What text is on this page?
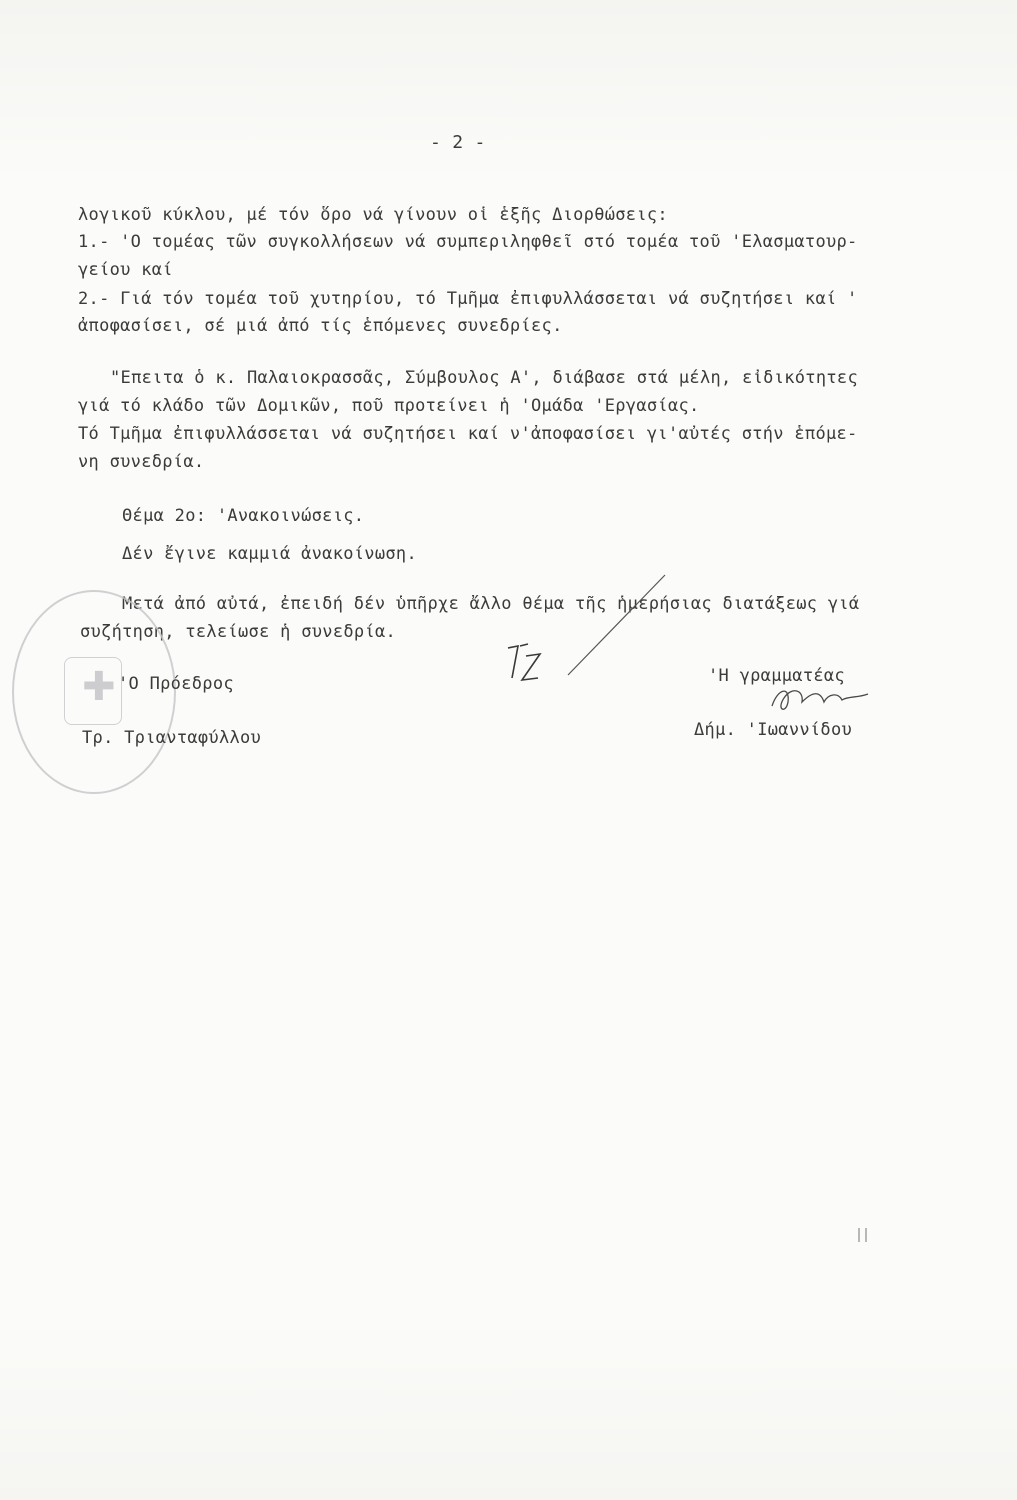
- 2 -
λογικοῦ κύκλου, μέ τόν ὅρο νά γίνουν οἱ ἑξῆς Διορθώσεις:
1.- 'Ο τομέας τῶν συγκολλήσεων νά συμπεριληφθεῖ στό τομέα τοῦ 'Ελασματουρ-
γείου καί
2.- Γιά τόν τομέα τοῦ χυτηρίου, τό Τμῆμα ἐπιφυλλάσσεται νά συζητήσει καί '
ἀποφασίσει, σέ μιά ἀπό τίς ἑπόμενες συνεδρίες.
"Επειτα ὁ κ. Παλαιοκρασσᾶς, Σύμβουλος Α', διάβασε στά μέλη, εἰδικότητες
γιά τό κλάδο τῶν Δομικῶν, ποῦ προτείνει ἡ 'Ομάδα 'Εργασίας.
Τό Τμῆμα ἐπιφυλλάσσεται νά συζητήσει καί ν'ἀποφασίσει γι'αὐτές στήν ἑπόμε-
νη συνεδρία.
Θέμα 2ο: 'Ανακοινώσεις.
Δέν ἔγινε καμμιά ἀνακοίνωση.
Μετά ἀπό αὐτά, ἐπειδή δέν ὑπῆρχε ἄλλο θέμα τῆς ἡμερήσιας διατάξεως γιά
συζήτηση, τελείωσε ἡ συνεδρία.
✚ 'Ο Πρόεδρος
Τρ. Τριανταφύλλου
'Η γραμματέας
Δήμ. 'Ιωαννίδου
